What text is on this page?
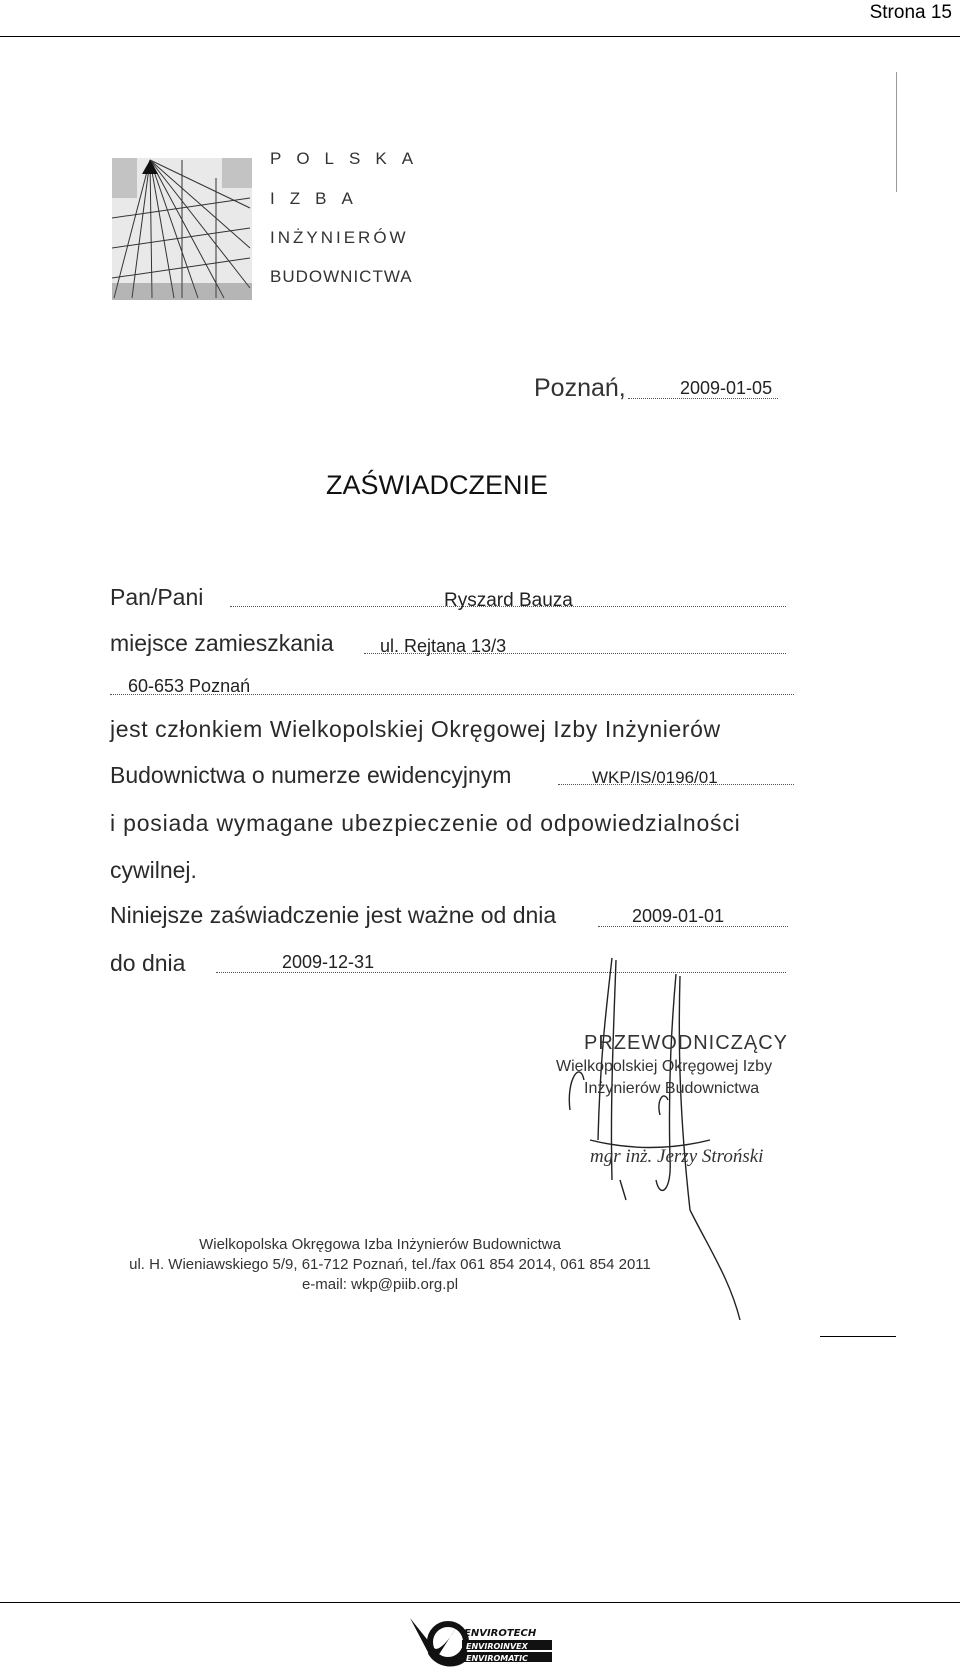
Strona 15
POLSKA
IZBA
INŻYNIERÓW
BUDOWNICTWA
Poznań,	2009-01-05
ZAŚWIADCZENIE
Pan/Pani	Ryszard Bauza
miejsce zamieszkania	ul. Rejtana 13/3
60-653 Poznań
jest członkiem Wielkopolskiej Okręgowej Izby Inżynierów
Budownictwa o numerze ewidencyjnym	WKP/IS/0196/01
i posiada wymagane ubezpieczenie od odpowiedzialności
cywilnej.
Niniejsze zaświadczenie jest ważne od dnia	2009-01-01
do dnia	2009-12-31
PRZEWODNICZĄCY
Wielkopolskiej Okręgowej Izby
Inżynierów Budownictwa
mgr inż. Jerzy Stroński
Wielkopolska Okręgowa Izba Inżynierów Budownictwa
ul. H. Wieniawskiego 5/9, 61-712 Poznań, tel./fax 061 854 2014, 061 854 2011
e-mail: wkp@piib.org.pl
ENVIROTECH
ENVIROINVEX
ENVIROMATIC
